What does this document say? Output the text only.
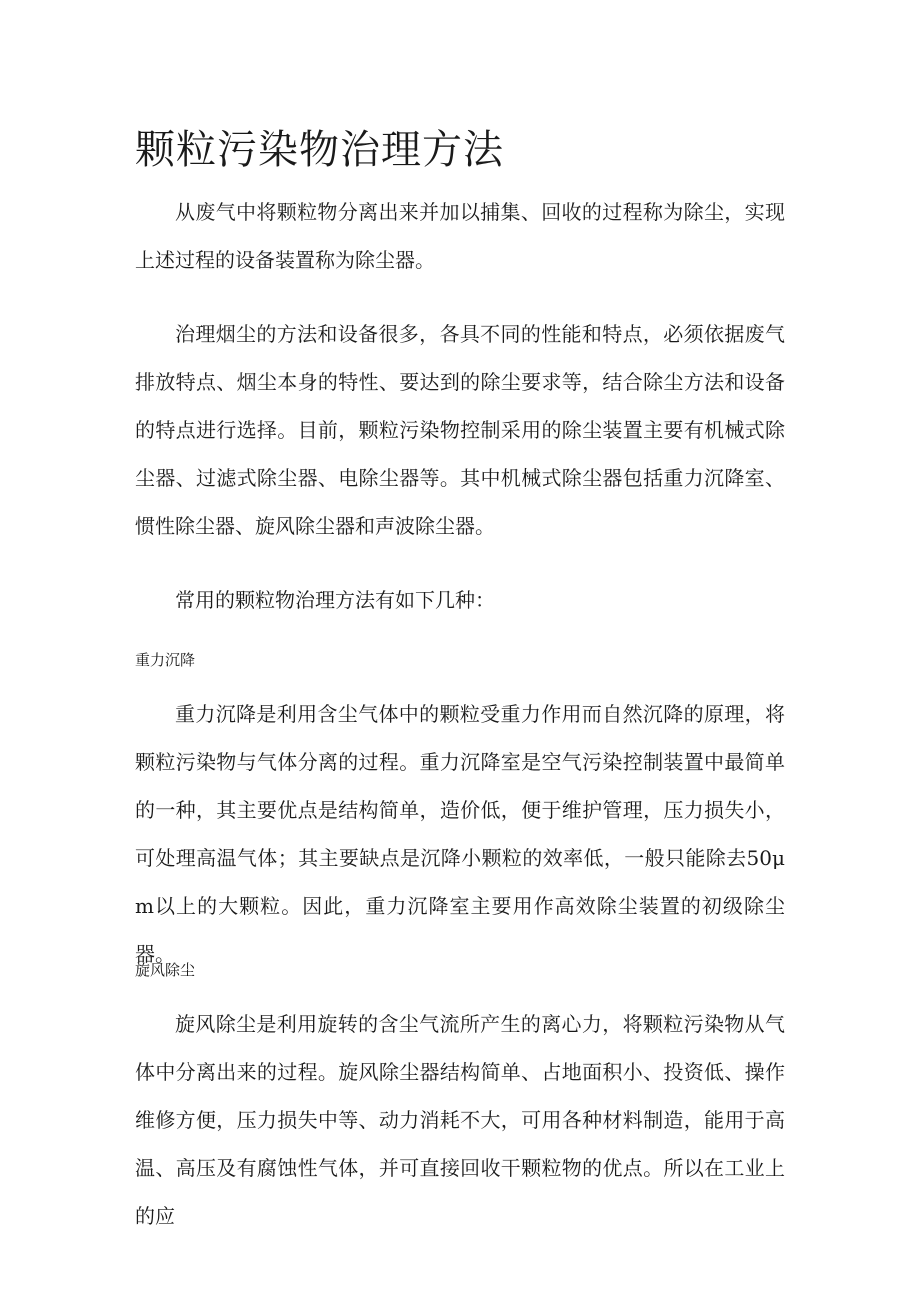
颗粒污染物治理方法

从废气中将颗粒物分离出来并加以捕集、回收的过程称为除尘，实现上述过程的设备装置称为除尘器。

治理烟尘的方法和设备很多，各具不同的性能和特点，必须依据废气排放特点、烟尘本身的特性、要达到的除尘要求等，结合除尘方法和设备的特点进行选择。目前，颗粒污染物控制采用的除尘装置主要有机械式除尘器、过滤式除尘器、电除尘器等。其中机械式除尘器包括重力沉降室、惯性除尘器、旋风除尘器和声波除尘器。

常用的颗粒物治理方法有如下几种：

重力沉降

重力沉降是利用含尘气体中的颗粒受重力作用而自然沉降的原理，将颗粒污染物与气体分离的过程。重力沉降室是空气污染控制装置中最简单的一种，其主要优点是结构简单，造价低，便于维护管理，压力损失小，可处理高温气体；其主要缺点是沉降小颗粒的效率低，一般只能除去50μm以上的大颗粒。因此，重力沉降室主要用作高效除尘装置的初级除尘器。

旋风除尘

旋风除尘是利用旋转的含尘气流所产生的离心力，将颗粒污染物从气体中分离出来的过程。旋风除尘器结构简单、占地面积小、投资低、操作维修方便，压力损失中等、动力消耗不大，可用各种材料制造，能用于高温、高压及有腐蚀性气体，并可直接回收干颗粒物的优点。所以在工业上的应
